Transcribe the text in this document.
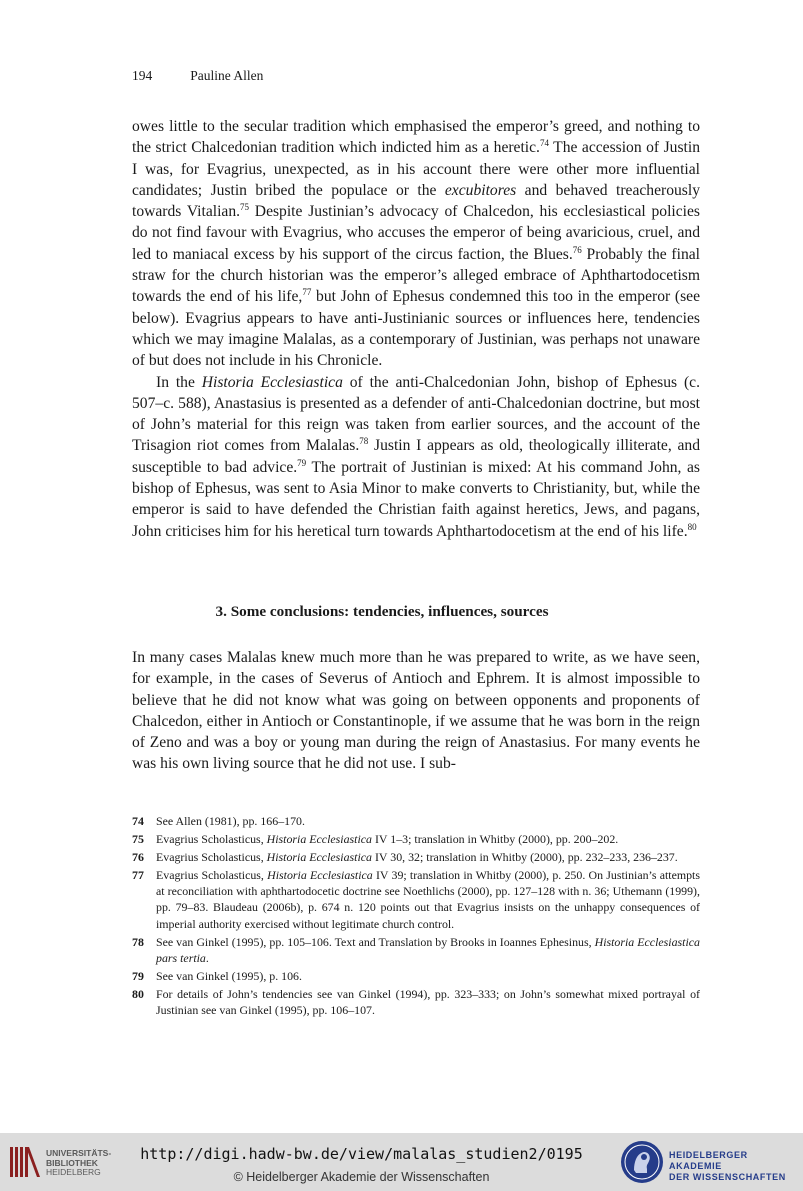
194	Pauline Allen

owes little to the secular tradition which emphasised the emperor’s greed, and nothing to the strict Chalcedonian tradition which indicted him as a heretic.$^{74}$ The accession of Justin I was, for Evagrius, unexpected, as in his account there were other more influential candidates; Justin bribed the populace or the excubitores and behaved treacherously towards Vitalian.$^{75}$ Despite Justinian’s advocacy of Chalcedon, his ecclesiastical policies do not find favour with Evagrius, who accuses the emperor of being avaricious, cruel, and led to maniacal excess by his support of the circus faction, the Blues.$^{76}$ Probably the final straw for the church historian was the emperor’s alleged embrace of Aphthartodocetism towards the end of his life,$^{77}$ but John of Ephesus condemned this too in the emperor (see below). Evagrius appears to have anti-Justinianic sources or influences here, tendencies which we may imagine Malalas, as a contemporary of Justinian, was perhaps not unaware of but does not include in his Chronicle.

In the Historia Ecclesiastica of the anti-Chalcedonian John, bishop of Ephesus (c. 507–c. 588), Anastasius is presented as a defender of anti-Chalcedonian doctrine, but most of John’s material for this reign was taken from earlier sources, and the account of the Trisagion riot comes from Malalas.$^{78}$ Justin I appears as old, theologically illiterate, and susceptible to bad advice.$^{79}$ The portrait of Justinian is mixed: At his command John, as bishop of Ephesus, was sent to Asia Minor to make converts to Christianity, but, while the emperor is said to have defended the Christian faith against heretics, Jews, and pagans, John criticises him for his heretical turn towards Aphthartodocetism at the end of his life.$^{80}$

3. Some conclusions: tendencies, influences, sources

In many cases Malalas knew much more than he was prepared to write, as we have seen, for example, in the cases of Severus of Antioch and Ephrem. It is almost impossible to believe that he did not know what was going on between opponents and proponents of Chalcedon, either in Antioch or Constantinople, if we assume that he was born in the reign of Zeno and was a boy or young man during the reign of Anastasius. For many events he was his own living source that he did not use. I sub-

74	See Allen (1981), pp. 166–170.
75	Evagrius Scholasticus, Historia Ecclesiastica IV 1–3; translation in Whitby (2000), pp. 200–202.
76	Evagrius Scholasticus, Historia Ecclesiastica IV 30, 32; translation in Whitby (2000), pp. 232–233, 236–237.
77	Evagrius Scholasticus, Historia Ecclesiastica IV 39; translation in Whitby (2000), p. 250. On Justinian’s attempts at reconciliation with aphthartodocetic doctrine see Noethlichs (2000), pp. 127–128 with n. 36; Uthemann (1999), pp. 79–83. Blaudeau (2006b), p. 674 n. 120 points out that Evagrius insists on the unhappy consequences of imperial authority exercised without legitimate church control.
78	See van Ginkel (1995), pp. 105–106. Text and Translation by Brooks in Ioannes Ephesinus, Historia Ecclesiastica pars tertia.
79	See van Ginkel (1995), p. 106.
80	For details of John’s tendencies see van Ginkel (1994), pp. 323–333; on John’s somewhat mixed portrayal of Justinian see van Ginkel (1995), pp. 106–107.
UNIVERSITÄTS-
BIBLIOTHEK
HEIDELBERG
http://digi.hadw-bw.de/view/malalas_studien2/0195
© Heidelberger Akademie der Wissenschaften
HEIDELBERGER AKADEMIE
DER WISSENSCHAFTEN
